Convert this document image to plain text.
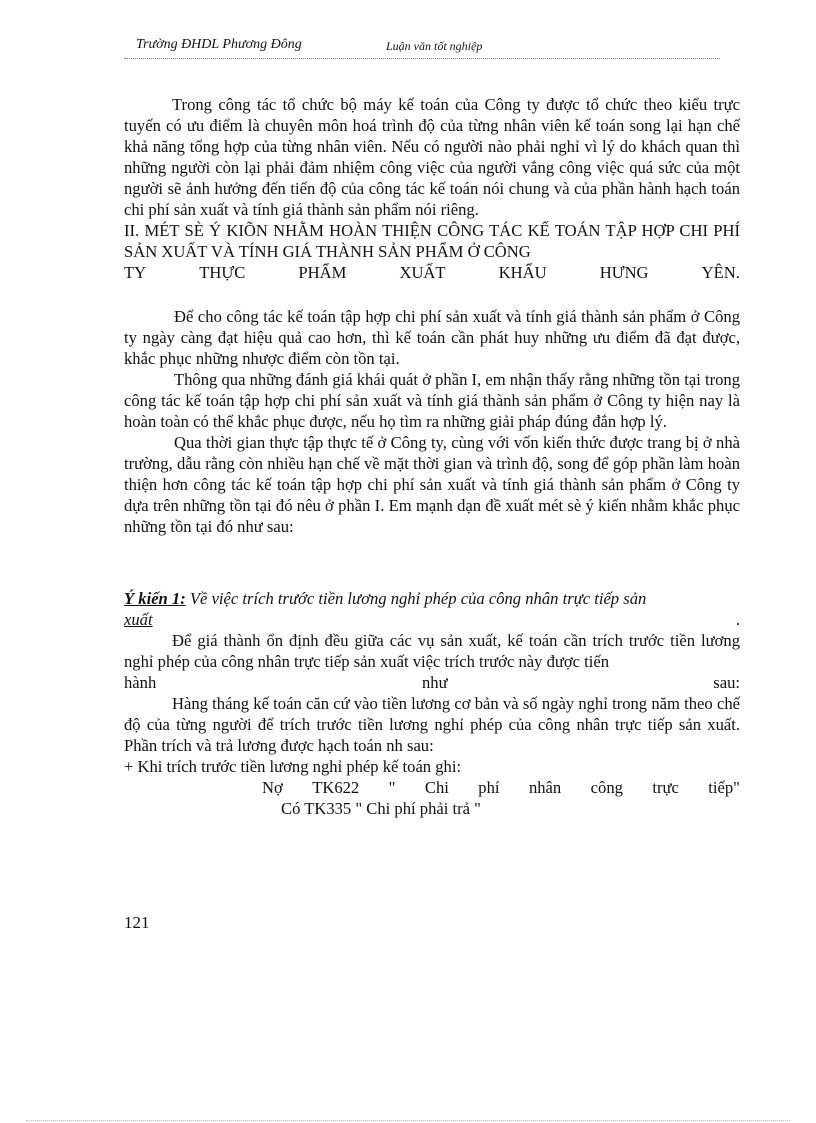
Trường ĐHDL Phương Đông	Luận văn tốt nghiệp

Trong công tác tổ chức bộ máy kế toán của Công ty được tổ chức theo kiểu trực tuyến có ưu điểm là chuyên môn hoá trình độ của từng nhân viên kế toán song lại hạn chế khả năng tổng hợp của từng nhân viên. Nếu có người nào phải nghỉ vì lý do khách quan thì những người còn lại phải đảm nhiệm công việc của người vắng công việc quá sức của một người sẽ ảnh hưởng đến tiến độ của công tác kế toán nói chung và của phần hành hạch toán chi phí sản xuất và tính giá thành sản phẩm nói riêng.

II. MÉT SÈ Ý KIÕN NHẰM HOÀN THIỆN CÔNG TÁC KẾ TOÁN TẬP HỢP CHI PHÍ SẢN XUẤT VÀ TÍNH GIÁ THÀNH SẢN PHẨM Ở CÔNG
TY	THỰC	PHẨM	XUẤT	KHẨU	HƯNG	YÊN.

Để cho công tác kế toán tập hợp chi phí sản xuất và tính giá thành sản phẩm ở Công ty ngày càng đạt hiệu quả cao hơn, thì kế toán cần phát huy những ưu điểm đã đạt được, khắc phục những nhược điểm còn tồn tại.

Thông qua những đánh giá khái quát ở phần I, em nhận thấy rằng những tồn tại trong công tác kế toán tập hợp chi phí sản xuất và tính giá thành sản phẩm ở Công ty hiện nay là hoàn toàn có thể khắc phục được, nếu họ tìm ra những giải pháp đúng đắn hợp lý.

Qua thời gian thực tập thực tế ở Công ty, cùng với vốn kiến thức được trang bị ở nhà trường, dẫu rằng còn nhiều hạn chế về mặt thời gian và trình độ, song để góp phần làm hoàn thiện hơn công tác kế toán tập hợp chi phí sản xuất và tính giá thành sản phẩm ở Công ty dựa trên những tồn tại đó nêu ở phần I. Em mạnh dạn đề xuất mét sè ý kiến nhằm khắc phục những tồn tại đó như sau:

Ý kiến 1: Về việc trích trước tiền lương nghỉ phép của công nhân trực tiếp sản
xuất	.

Để giá thành ổn định đều giữa các vụ sản xuất, kế toán cần trích trước tiền lương nghỉ phép của công nhân trực tiếp sản xuất việc trích trước này được tiến

hành	như	sau:

Hàng tháng kế toán căn cứ vào tiền lương cơ bản và số ngày nghỉ trong năm theo chế độ của từng người để trích trước tiền lương nghỉ phép của công nhân trực tiếp sản xuất. Phần trích và trả lương được hạch toán nh sau:

+ Khi trích trước tiền lương nghỉ phép kế toán ghi:

Nợ TK622 " Chi phí nhân công trực tiếp"
Có TK335 " Chi phí phải trả "
121
